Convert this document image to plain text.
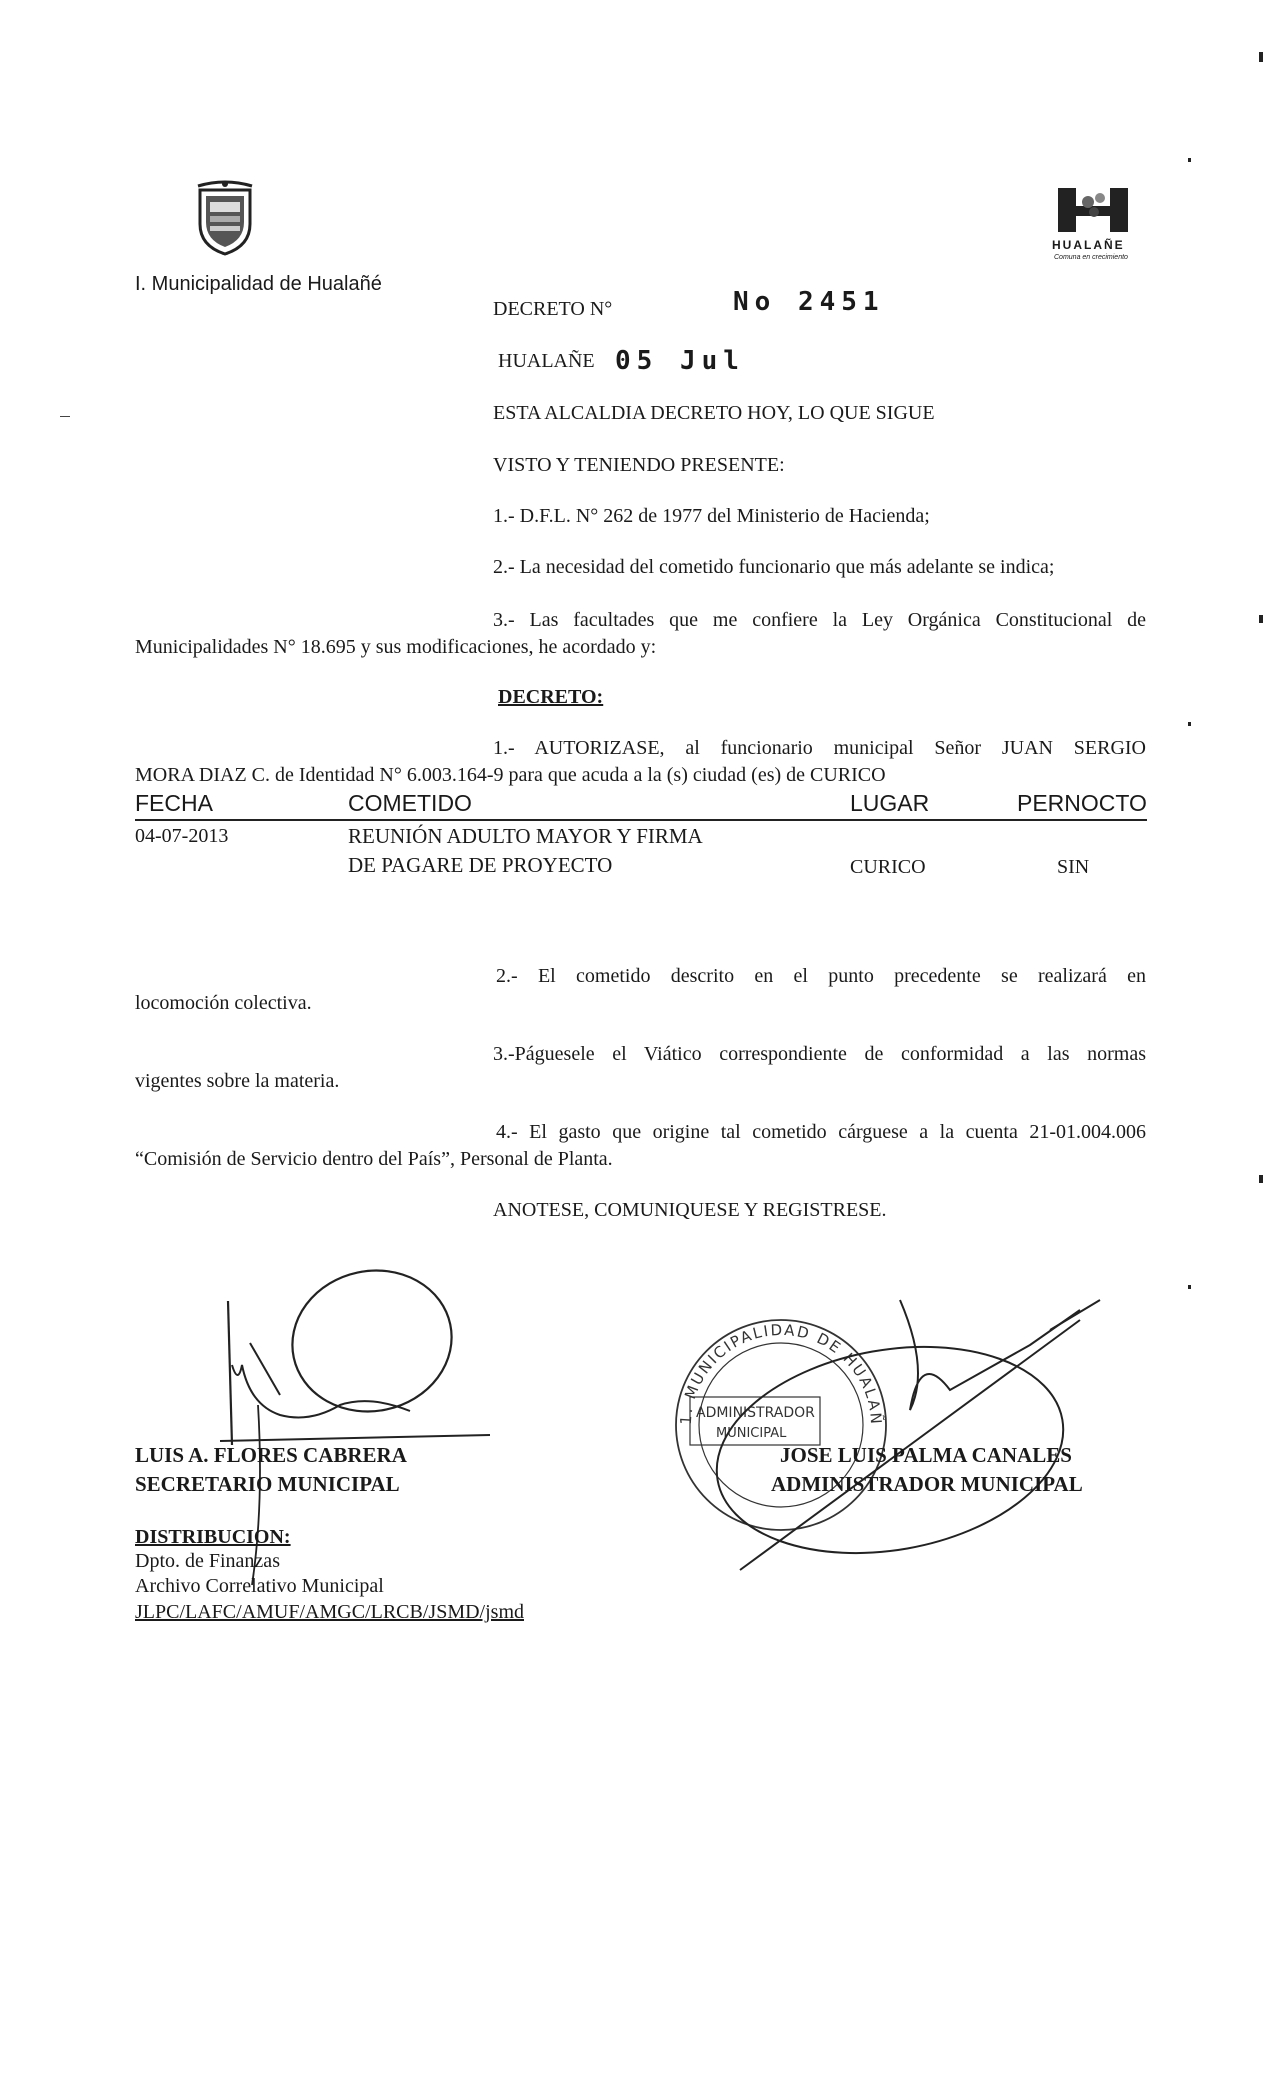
I. Municipalidad de Hualañé
HUALAÑE
Comuna en crecimiento
DECRETO N°	No 2451
HUALAÑE 05 Jul
ESTA ALCALDIA DECRETO HOY, LO QUE SIGUE
VISTO Y TENIENDO PRESENTE:
1.- D.F.L. N° 262 de 1977 del Ministerio de Hacienda;
2.- La necesidad del cometido funcionario que más adelante se indica;
3.- Las facultades que me confiere la Ley Orgánica Constitucional de
Municipalidades N° 18.695 y sus modificaciones, he acordado y:
DECRETO:
1.- AUTORIZASE, al funcionario municipal Señor JUAN SERGIO
MORA DIAZ C. de Identidad N° 6.003.164-9 para que acuda a la (s) ciudad (es) de CURICO
FECHA	COMETIDO	LUGAR	PERNOCTO
04-07-2013	REUNIÓN ADULTO MAYOR Y FIRMA
DE PAGARE DE PROYECTO	CURICO	SIN
2.- El cometido descrito en el punto precedente se realizará en
locomoción colectiva.
3.-Páguesele el Viático correspondiente de conformidad a las normas
vigentes sobre la materia.
4.- El gasto que origine tal cometido cárguese a la cuenta 21-01.004.006
“Comisión de Servicio dentro del País”, Personal de Planta.
ANOTESE, COMUNIQUESE Y REGISTRESE.
1. MUNICIPALIDAD DE HUALAÑE
ADMINISTRADOR
MUNICIPAL
LUIS A. FLORES CABRERA
SECRETARIO MUNICIPAL
JOSE LUIS PALMA CANALES
ADMINISTRADOR MUNICIPAL
DISTRIBUCION:
Dpto. de Finanzas
Archivo Correlativo Municipal
JLPC/LAFC/AMUF/AMGC/LRCB/JSMD/jsmd
